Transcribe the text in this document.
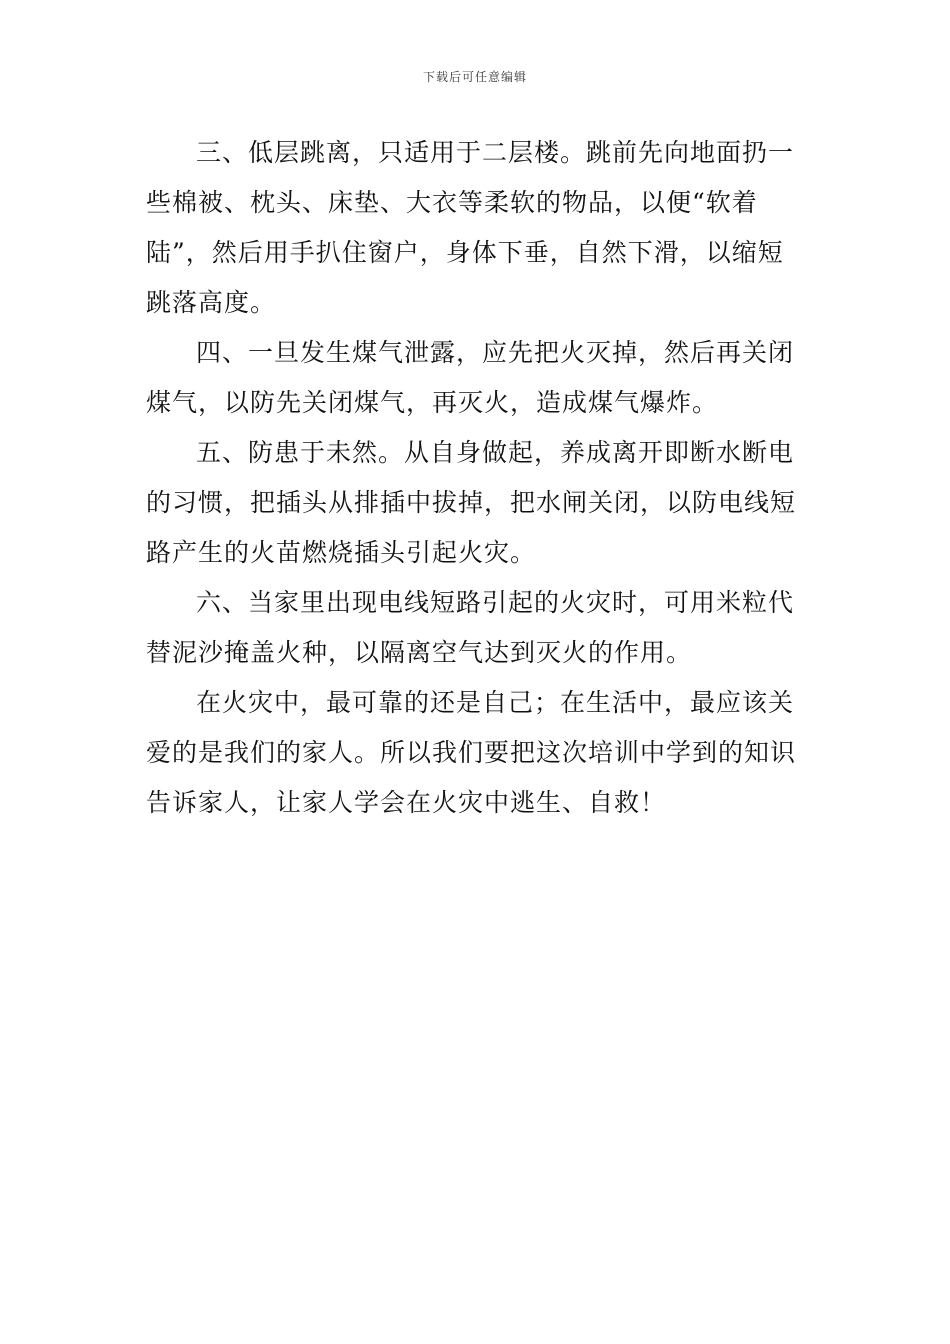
下载后可任意编辑

三、低层跳离，只适用于二层楼。跳前先向地面扔一
些棉被、枕头、床垫、大衣等柔软的物品，以便“软着
陆”，然后用手扒住窗户，身体下垂，自然下滑，以缩短
跳落高度。

四、一旦发生煤气泄露，应先把火灭掉，然后再关闭
煤气，以防先关闭煤气，再灭火，造成煤气爆炸。

五、防患于未然。从自身做起，养成离开即断水断电
的习惯，把插头从排插中拔掉，把水闸关闭，以防电线短
路产生的火苗燃烧插头引起火灾。

六、当家里出现电线短路引起的火灾时，可用米粒代
替泥沙掩盖火种，以隔离空气达到灭火的作用。

在火灾中，最可靠的还是自己；在生活中，最应该关
爱的是我们的家人。所以我们要把这次培训中学到的知识
告诉家人，让家人学会在火灾中逃生、自救！
